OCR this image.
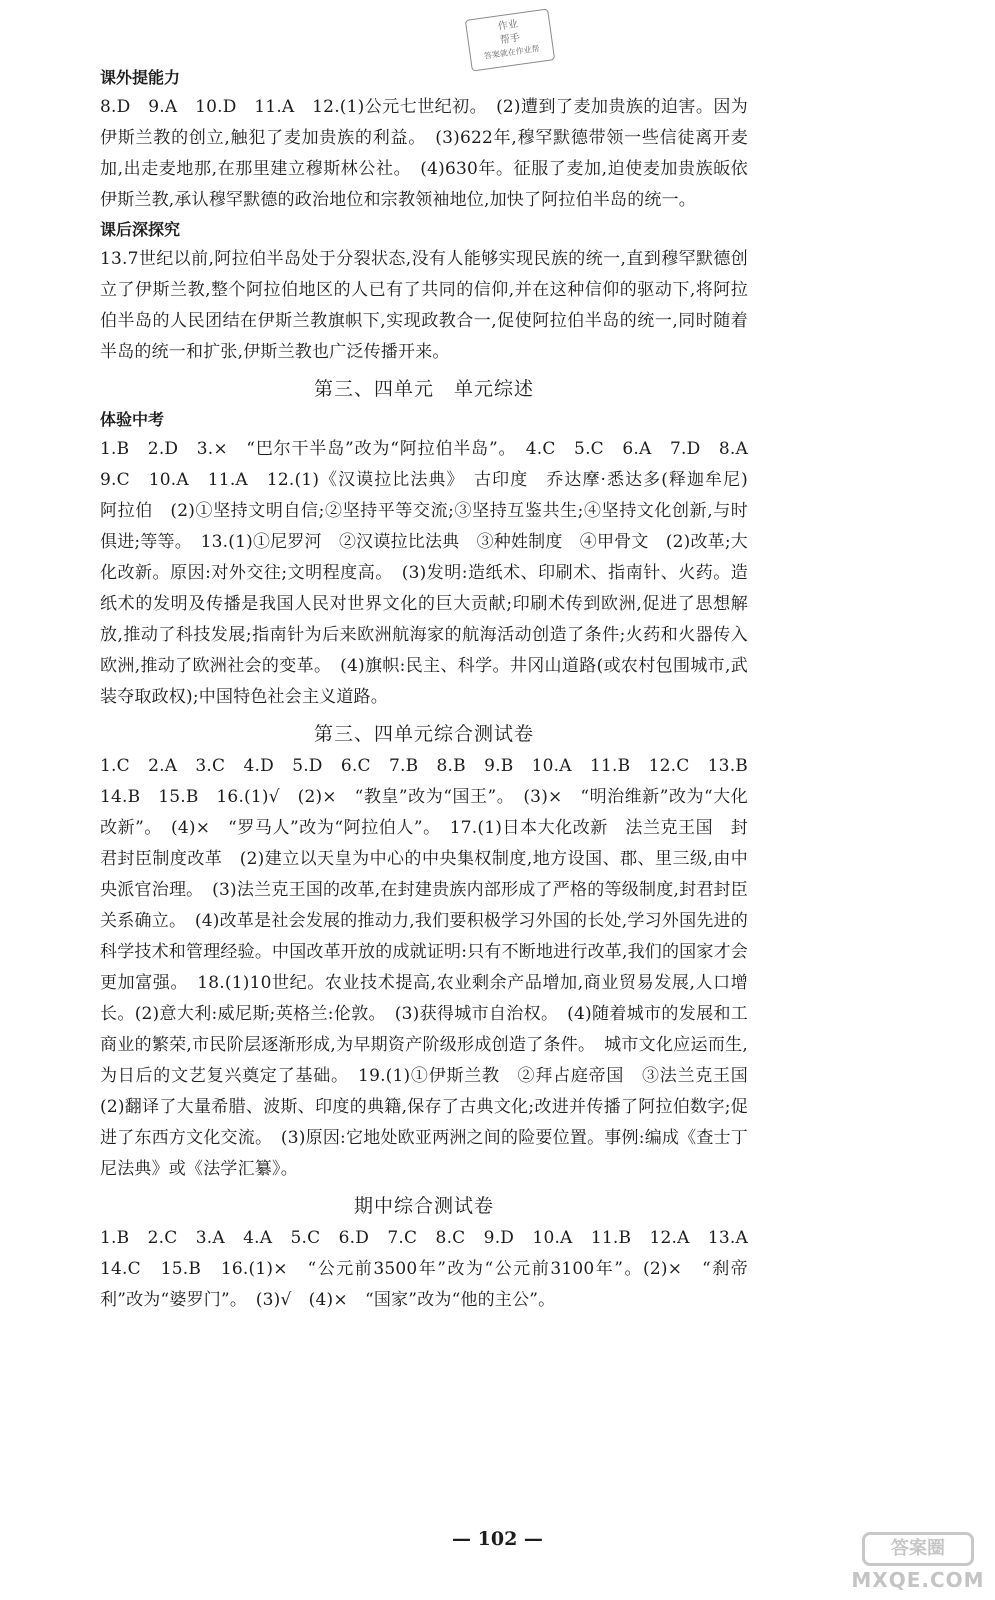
作业
帮手
答案就在作业帮

课外提能力

8.D　9.A　10.D　11.A　12.(1)公元七世纪初。　(2)遭到了麦加贵族的迫害。因为伊斯兰教的创立,触犯了麦加贵族的利益。　(3)622年,穆罕默德带领一些信徒离开麦加,出走麦地那,在那里建立穆斯林公社。　(4)630年。征服了麦加,迫使麦加贵族皈依伊斯兰教,承认穆罕默德的政治地位和宗教领袖地位,加快了阿拉伯半岛的统一。

课后深探究

13.7世纪以前,阿拉伯半岛处于分裂状态,没有人能够实现民族的统一,直到穆罕默德创立了伊斯兰教,整个阿拉伯地区的人已有了共同的信仰,并在这种信仰的驱动下,将阿拉伯半岛的人民团结在伊斯兰教旗帜下,实现政教合一,促使阿拉伯半岛的统一,同时随着半岛的统一和扩张,伊斯兰教也广泛传播开来。

第三、四单元　单元综述

体验中考

1.B　2.D　3.×　“巴尔干半岛”改为“阿拉伯半岛”。　4.C　5.C　6.A　7.D　8.A　9.C　10.A　11.A　12.(1)《汉谟拉比法典》　古印度　乔达摩·悉达多(释迦牟尼)　阿拉伯　(2)①坚持文明自信;②坚持平等交流;③坚持互鉴共生;④坚持文化创新,与时俱进;等等。　13.(1)①尼罗河　②汉谟拉比法典　③种姓制度　④甲骨文　(2)改革;大化改新。原因:对外交往;文明程度高。　(3)发明:造纸术、印刷术、指南针、火药。造纸术的发明及传播是我国人民对世界文化的巨大贡献;印刷术传到欧洲,促进了思想解放,推动了科技发展;指南针为后来欧洲航海家的航海活动创造了条件;火药和火器传入欧洲,推动了欧洲社会的变革。　(4)旗帜:民主、科学。井冈山道路(或农村包围城市,武装夺取政权);中国特色社会主义道路。

第三、四单元综合测试卷

1.C　2.A　3.C　4.D　5.D　6.C　7.B　8.B　9.B　10.A　11.B　12.C　13.B　14.B　15.B　16.(1)√　(2)×　“教皇”改为“国王”。　(3)×　“明治维新”改为“大化改新”。　(4)×　“罗马人”改为“阿拉伯人”。　17.(1)日本大化改新　法兰克王国　封君封臣制度改革　(2)建立以天皇为中心的中央集权制度,地方设国、郡、里三级,由中央派官治理。　(3)法兰克王国的改革,在封建贵族内部形成了严格的等级制度,封君封臣关系确立。　(4)改革是社会发展的推动力,我们要积极学习外国的长处,学习外国先进的科学技术和管理经验。中国改革开放的成就证明:只有不断地进行改革,我们的国家才会更加富强。　18.(1)10世纪。农业技术提高,农业剩余产品增加,商业贸易发展,人口增长。(2)意大利:威尼斯;英格兰:伦敦。　(3)获得城市自治权。　(4)随着城市的发展和工商业的繁荣,市民阶层逐渐形成,为早期资产阶级形成创造了条件。　城市文化应运而生,为日后的文艺复兴奠定了基础。　19.(1)①伊斯兰教　②拜占庭帝国　③法兰克王国　(2)翻译了大量希腊、波斯、印度的典籍,保存了古典文化;改进并传播了阿拉伯数字;促进了东西方文化交流。　(3)原因:它地处欧亚两洲之间的险要位置。事例:编成《查士丁尼法典》或《法学汇纂》。

期中综合测试卷

1.B　2.C　3.A　4.A　5.C　6.D　7.C　8.C　9.D　10.A　11.B　12.A　13.A　14.C　15.B　16.(1)×　“公元前3500年”改为“公元前3100年”。(2)×　“刹帝利”改为“婆罗门”。　(3)√　(4)×　“国家”改为“他的主公”。

— 102 —	答案圈
MXQE.COM
